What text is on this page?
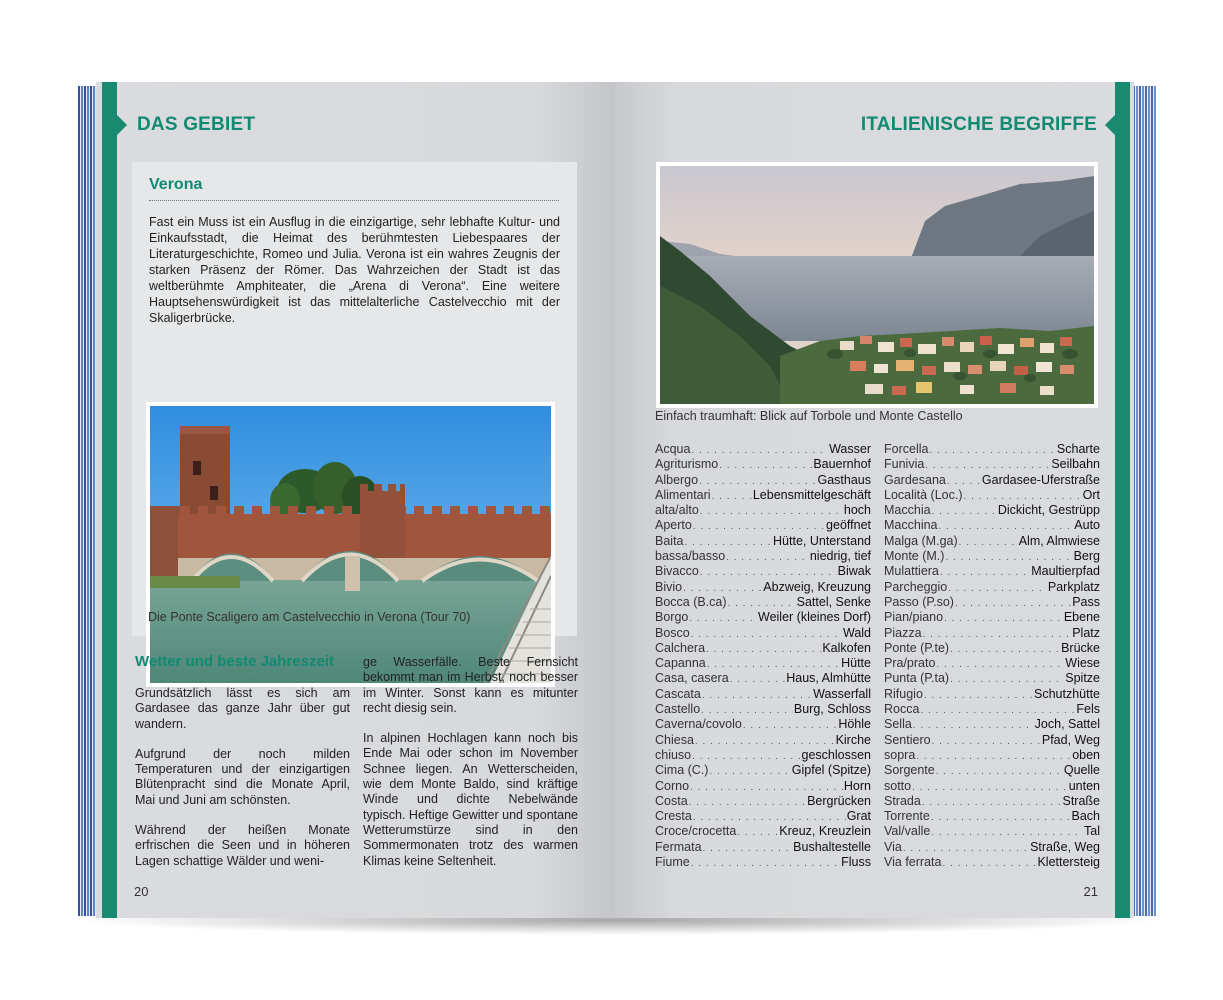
DAS GEBIET
Verona

Fast ein Muss ist ein Ausflug in die einzigartige, sehr lebhafte Kultur- und Einkaufsstadt, die Heimat des berühmtesten Liebespaares der Literaturgeschichte, Romeo und Julia. Verona ist ein wahres Zeugnis der starken Präsenz der Römer. Das Wahrzeichen der Stadt ist das weltberühmte Amphiteater, die „Arena di Verona“. Eine weitere Hauptsehenswürdigkeit ist das mittelalterliche Castelvecchio mit der Skaligerbrücke.

Die Ponte Scaligero am Castelvecchio in Verona (Tour 70)

Wetter und beste Jahreszeit

Grundsätzlich lässt es sich am Gardasee das ganze Jahr über gut wandern.

Aufgrund der noch milden Temperaturen und der einzigartigen Blütenpracht sind die Monate April, Mai und Juni am schönsten.

Während der heißen Monate erfrischen die Seen und in höheren Lagen schattige Wälder und weni-

ge Wasserfälle. Beste Fernsicht bekommt man im Herbst, noch besser im Winter. Sonst kann es mitunter recht diesig sein.

In alpinen Hochlagen kann noch bis Ende Mai oder schon im November Schnee liegen. An Wetterscheiden, wie dem Monte Baldo, sind kräftige Winde und dichte Nebelwände typisch. Heftige Gewitter und spontane Wetterumstürze sind in den Sommermonaten trotz des warmen Klimas keine Seltenheit.

20

ITALIENISCHE BEGRIFFE

Einfach traumhaft: Blick auf Torbole und Monte Castello

Acqua . . .	Wasser
Agriturismo . . .	Bauernhof
Albergo . . .	Gasthaus
Alimentari . . .	Lebensmittelgeschäft
alta/alto . . .	hoch
Aperto . . .	geöffnet
Baita . . .	Hütte, Unterstand
bassa/basso . . .	niedrig, tief
Bivacco . . .	Biwak
Bivio . . .	Abzweig, Kreuzung
Bocca (B.ca) . . .	Sattel, Senke
Borgo . . .	Weiler (kleines Dorf)
Bosco . . .	Wald
Calchera . . .	Kalkofen
Capanna . . .	Hütte
Casa, casera . . .	Haus, Almhütte
Cascata . . .	Wasserfall
Castello . . .	Burg, Schloss
Caverna/covolo . . .	Höhle
Chiesa . . .	Kirche
chiuso . . .	geschlossen
Cima (C.) . . .	Gipfel (Spitze)
Corno . . .	Horn
Costa . . .	Bergrücken
Cresta . . .	Grat
Croce/crocetta . . .	Kreuz, Kreuzlein
Fermata . . .	Bushaltestelle
Fiume . . .	Fluss
Forcella . . .	Scharte
Funivia . . .	Seilbahn
Gardesana . . .	Gardasee-Uferstraße
Località (Loc.) . . .	Ort
Macchia . . .	Dickicht, Gestrüpp
Macchina . . .	Auto
Malga (M.ga) . . .	Alm, Almwiese
Monte (M.) . . .	Berg
Mulattiera . . .	Maultierpfad
Parcheggio . . .	Parkplatz
Passo (P.so) . . .	Pass
Pian/piano . . .	Ebene
Piazza . . .	Platz
Ponte (P.te) . . .	Brücke
Pra/prato . . .	Wiese
Punta (P.ta) . . .	Spitze
Rifugio . . .	Schutzhütte
Rocca . . .	Fels
Sella . . .	Joch, Sattel
Sentiero . . .	Pfad, Weg
sopra . . .	oben
Sorgente . . .	Quelle
sotto . . .	unten
Strada . . .	Straße
Torrente . . .	Bach
Val/valle . . .	Tal
Via . . .	Straße, Weg
Via ferrata . . .	Klettersteig

21
